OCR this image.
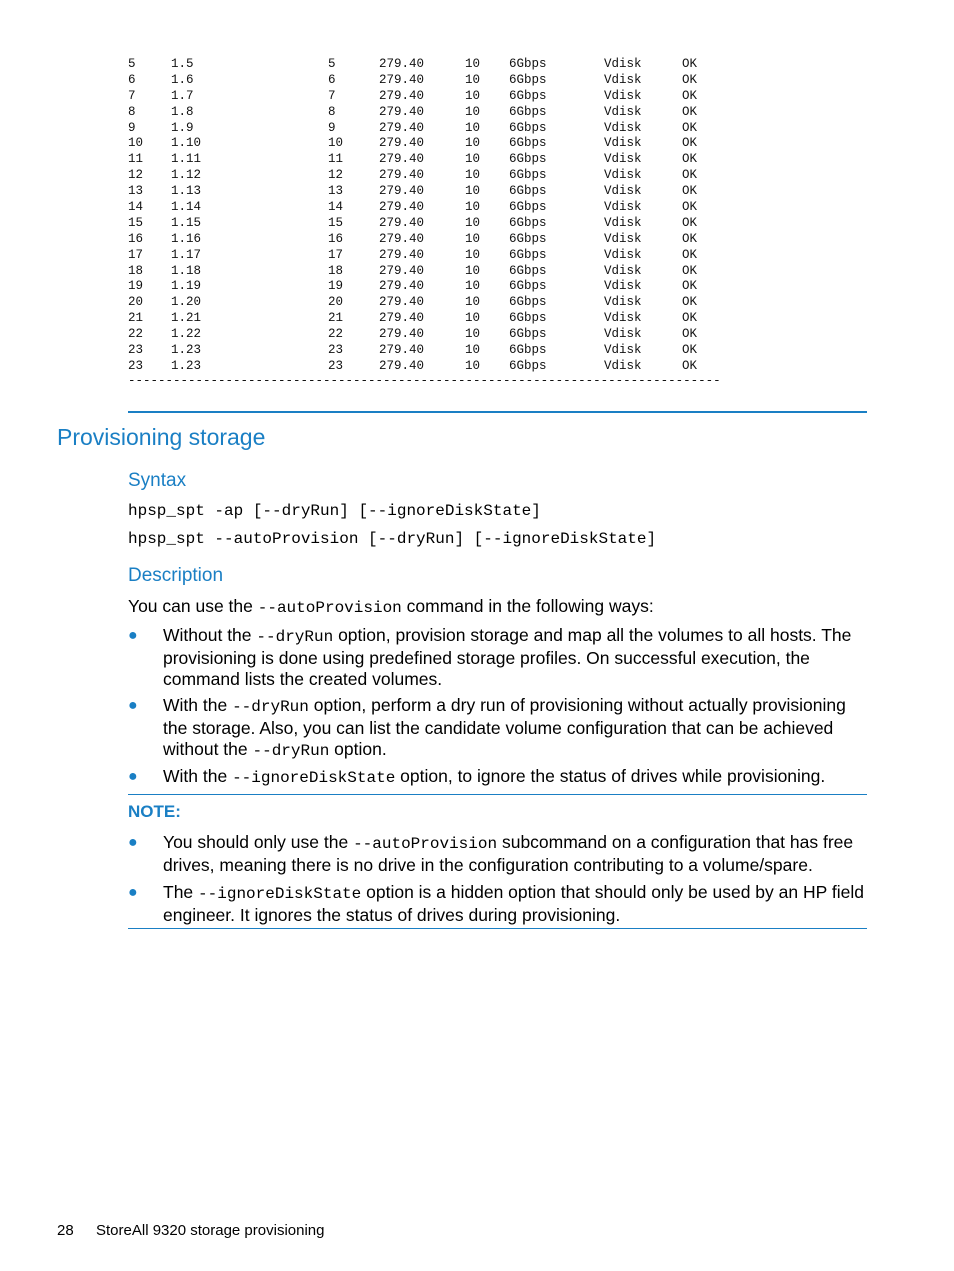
5	1.5	5	279.40	10 6Gbps	Vdisk	OK
6	1.6	6	279.40	10 6Gbps	Vdisk	OK
7	1.7	7	279.40	10 6Gbps	Vdisk	OK
8	1.8	8	279.40	10 6Gbps	Vdisk	OK
9	1.9	9	279.40	10 6Gbps	Vdisk	OK
10 1.10	10	279.40	10 6Gbps	Vdisk	OK
11 1.11	11	279.40	10 6Gbps	Vdisk	OK
12 1.12	12	279.40	10 6Gbps	Vdisk	OK
13 1.13	13	279.40	10 6Gbps	Vdisk	OK
14 1.14	14	279.40	10 6Gbps	Vdisk	OK
15 1.15	15	279.40	10 6Gbps	Vdisk	OK
16 1.16	16	279.40	10 6Gbps	Vdisk	OK
17 1.17	17	279.40	10 6Gbps	Vdisk	OK
18 1.18	18	279.40	10 6Gbps	Vdisk	OK
19 1.19	19	279.40	10 6Gbps	Vdisk	OK
20 1.20	20	279.40	10 6Gbps	Vdisk	OK
21 1.21	21	279.40	10 6Gbps	Vdisk	OK
22 1.22	22	279.40	10 6Gbps	Vdisk	OK
23 1.23	23	279.40	10 6Gbps	Vdisk	OK
23 1.23	23	279.40	10 6Gbps	Vdisk	OK
-------------------------------------------------------------------------------
Provisioning storage
Syntax
hpsp_spt -ap [--dryRun] [--ignoreDiskState]
hpsp_spt --autoProvision [--dryRun] [--ignoreDiskState]
Description
You can use the --autoProvision command in the following ways:
● Without the --dryRun option, provision storage and map all the volumes to all hosts. The provisioning is done using predefined storage profiles. On successful execution, the command lists the created volumes.
● With the --dryRun option, perform a dry run of provisioning without actually provisioning the storage. Also, you can list the candidate volume configuration that can be achieved without the --dryRun option.
● With the --ignoreDiskState option, to ignore the status of drives while provisioning.
NOTE:
● You should only use the --autoProvision subcommand on a configuration that has free drives, meaning there is no drive in the configuration contributing to a volume/spare.
● The --ignoreDiskState option is a hidden option that should only be used by an HP field engineer. It ignores the status of drives during provisioning.
28 StoreAll 9320 storage provisioning
